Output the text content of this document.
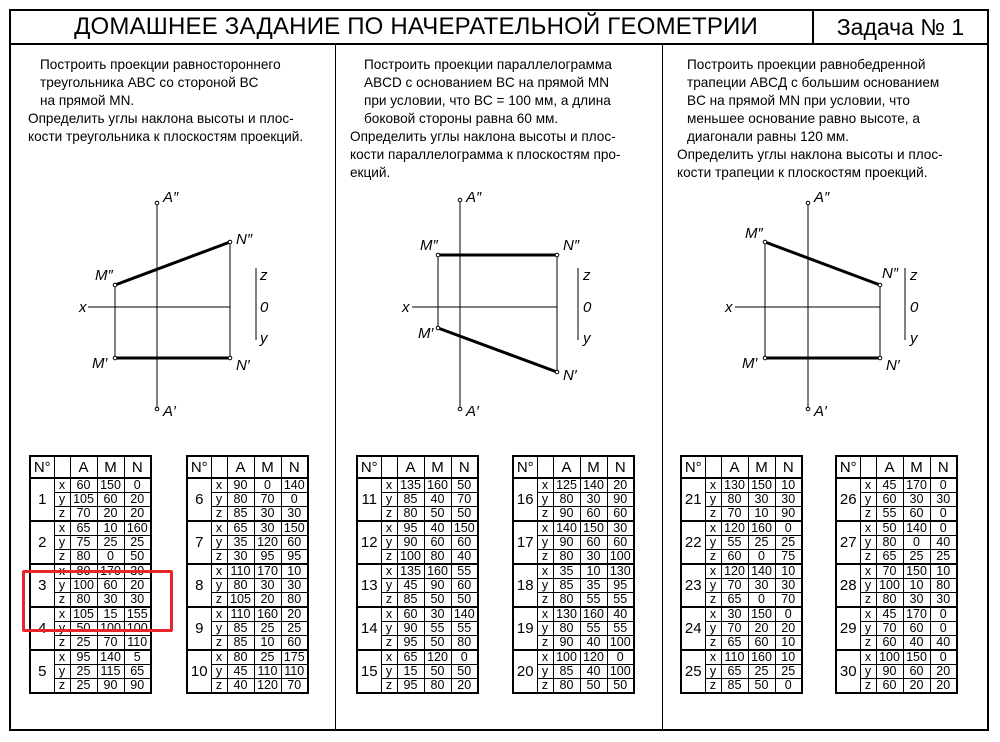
ДОМАШНЕЕ ЗАДАНИЕ ПО НАЧЕРАТЕЛЬНОЙ ГЕОМЕТРИИ	Задача № 1
Построить проекции равностороннего
треугольника ABC со стороной BC
на прямой MN.
Определить углы наклона высоты и плос-
кости треугольника к плоскостям проекций.
Построить проекции параллелограмма
ABCD с основанием BC на прямой MN
при условии, что BC = 100 мм, а длина
боковой стороны равна 60 мм.
Определить углы наклона высоты и плос-
кости параллелограмма к плоскостям про-
екций.
Построить проекции равнобедренной
трапеции ABCД с большим основанием
BC на прямой MN при условии, что
меньшее основание равно высоте, а
диагонали равны 120 мм.
Определить углы наклона высоты и плос-
кости трапеции к плоскостям проекций.
A″
A′
M″
M′
N″
N′
x
z
0
y
A″
A′
M″
M′
N″
N′
x
z
0
y
A″
A′
M″
M′
N″
N′
x
z
0
y
N°		A	M	N
1	x	60	150	0
	y	105	60	20
	z	70	20	20
2	x	65	10	160
	y	75	25	25
	z	80	0	50
3	x	80	170	30
	y	100	60	20
	z	80	30	30
4	x	105	15	155
	y	50	100	100
	z	25	70	110
5	x	95	140	5
	y	25	115	65
	z	25	90	90
N°		A	M	N
6	x	90	0	140
	y	80	70	0
	z	85	30	30
7	x	65	30	150
	y	35	120	60
	z	30	95	95
8	x	110	170	10
	y	80	30	30
	z	105	20	80
9	x	110	160	20
	y	85	25	25
	z	85	10	60
10	x	80	25	175
	y	45	110	110
	z	40	120	70
N°		A	M	N
11	x	135	160	50
	y	85	40	70
	z	80	50	50
12	x	95	40	150
	y	90	60	60
	z	100	80	40
13	x	135	160	55
	y	45	90	60
	z	85	50	50
14	x	60	30	140
	y	90	55	55
	z	95	50	80
15	x	65	120	0
	y	15	50	50
	z	95	80	20
N°		A	M	N
16	x	125	140	20
	y	80	30	90
	z	90	60	60
17	x	140	150	30
	y	90	60	60
	z	80	30	100
18	x	35	10	130
	y	85	35	95
	z	80	55	55
19	x	130	160	40
	y	80	55	55
	z	90	40	100
20	x	100	120	0
	y	85	40	100
	z	80	50	50
N°		A	M	N
21	x	130	150	10
	y	80	30	30
	z	70	10	90
22	x	120	160	0
	y	55	25	25
	z	60	0	75
23	x	120	140	10
	y	70	30	30
	z	65	0	70
24	x	30	150	0
	y	70	20	20
	z	65	60	10
25	x	110	160	10
	y	65	25	25
	z	85	50	0
N°		A	M	N
26	x	45	170	0
	y	60	30	30
	z	55	60	0
27	x	50	140	0
	y	80	0	40
	z	65	25	25
28	x	70	150	10
	y	100	10	80
	z	80	30	30
29	x	45	170	0
	y	70	60	0
	z	60	40	40
30	x	100	150	0
	y	90	60	20
	z	60	20	20
